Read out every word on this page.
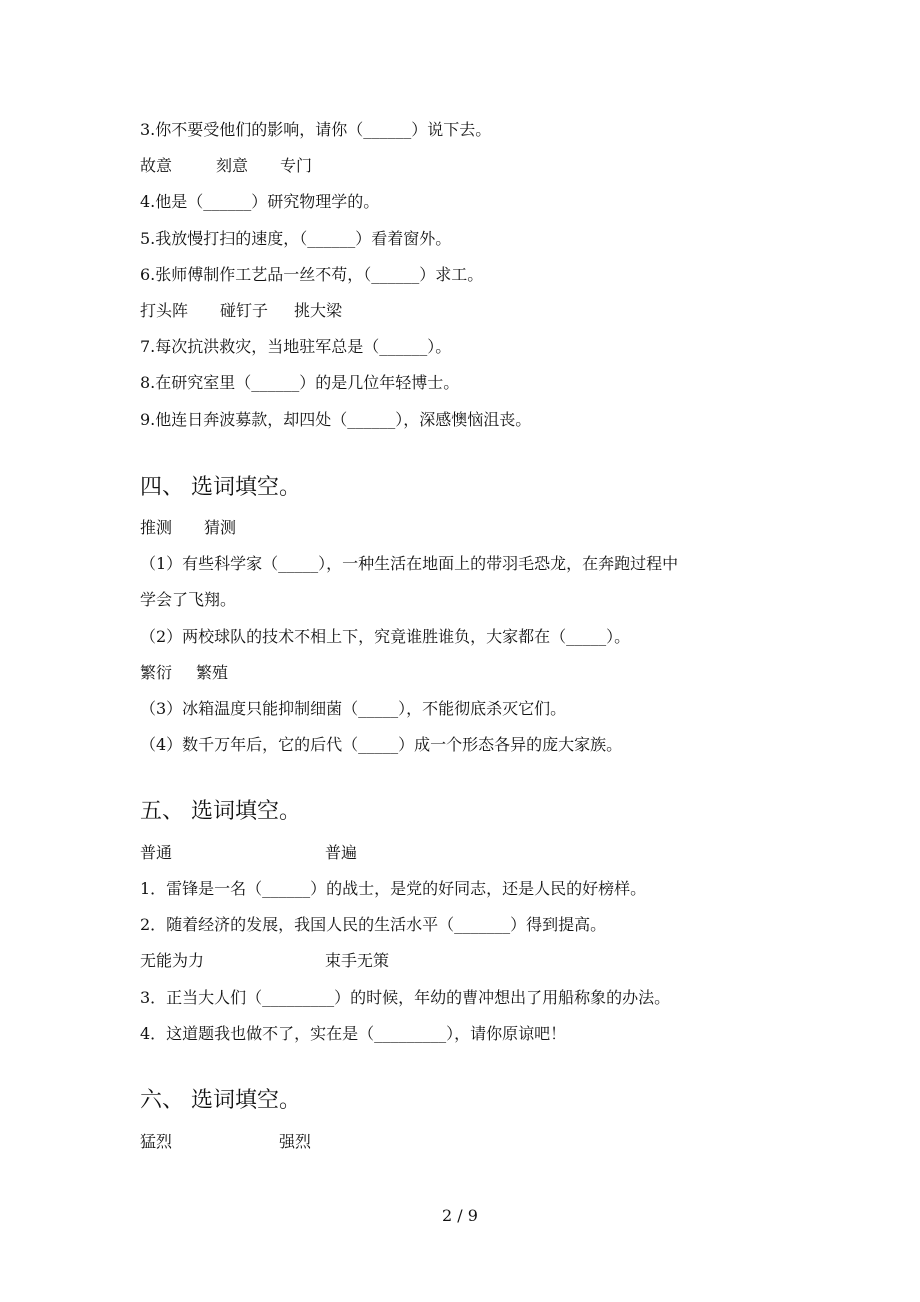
3.你不要受他们的影响，请你（______）说下去。
故意	刻意 专门
4.他是（______）研究物理学的。
5.我放慢打扫的速度，（______）看着窗外。
6.张师傅制作工艺品一丝不苟，（______）求工。
打头阵 碰钉子 挑大梁
7.每次抗洪救灾，当地驻军总是（______）。
8.在研究室里（______）的是几位年轻博士。
9.他连日奔波募款，却四处（______），深感懊恼沮丧。
四、 选词填空。
推测 猜测
（1）有些科学家（_____），一种生活在地面上的带羽毛恐龙，在奔跑过程中
学会了飞翔。
（2）两校球队的技术不相上下，究竟谁胜谁负，大家都在（_____）。
繁衍 繁殖
（3）冰箱温度只能抑制细菌（_____），不能彻底杀灭它们。
（4）数千万年后，它的后代（_____）成一个形态各异的庞大家族。
五、 选词填空。
普通	普遍
1．雷锋是一名（______）的战士，是党的好同志，还是人民的好榜样。
2．随着经济的发展，我国人民的生活水平（_______）得到提高。
无能为力	束手无策
3．正当大人们（_________）的时候，年幼的曹冲想出了用船称象的办法。
4．这道题我也做不了，实在是（_________），请你原谅吧！
六、 选词填空。
猛烈	强烈
2 / 9
